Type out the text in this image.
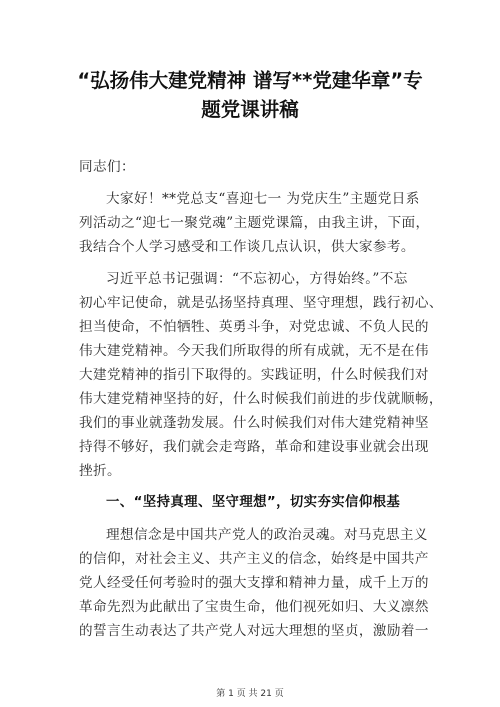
“弘扬伟大建党精神 谱写**党建华章”专
题党课讲稿
同志们：
大家好！**党总支“喜迎七一 为党庆生”主题党日系
列活动之“迎七一聚党魂”主题党课篇，由我主讲，下面，
我结合个人学习感受和工作谈几点认识，供大家参考。
习近平总书记强调：“不忘初心，方得始终。”不忘
初心牢记使命，就是弘扬坚持真理、坚守理想，践行初心、
担当使命，不怕牺牲、英勇斗争，对党忠诚、不负人民的
伟大建党精神。今天我们所取得的所有成就，无不是在伟
大建党精神的指引下取得的。实践证明，什么时候我们对
伟大建党精神坚持的好，什么时候我们前进的步伐就顺畅，
我们的事业就蓬勃发展。什么时候我们对伟大建党精神坚
持得不够好，我们就会走弯路，革命和建设事业就会出现
挫折。
一、“坚持真理、坚守理想”，切实夯实信仰根基
理想信念是中国共产党人的政治灵魂。对马克思主义
的信仰，对社会主义、共产主义的信念，始终是中国共产
党人经受任何考验时的强大支撑和精神力量，成千上万的
革命先烈为此献出了宝贵生命，他们视死如归、大义凛然
的誓言生动表达了共产党人对远大理想的坚贞，激励着一
第 1 页 共 21 页
